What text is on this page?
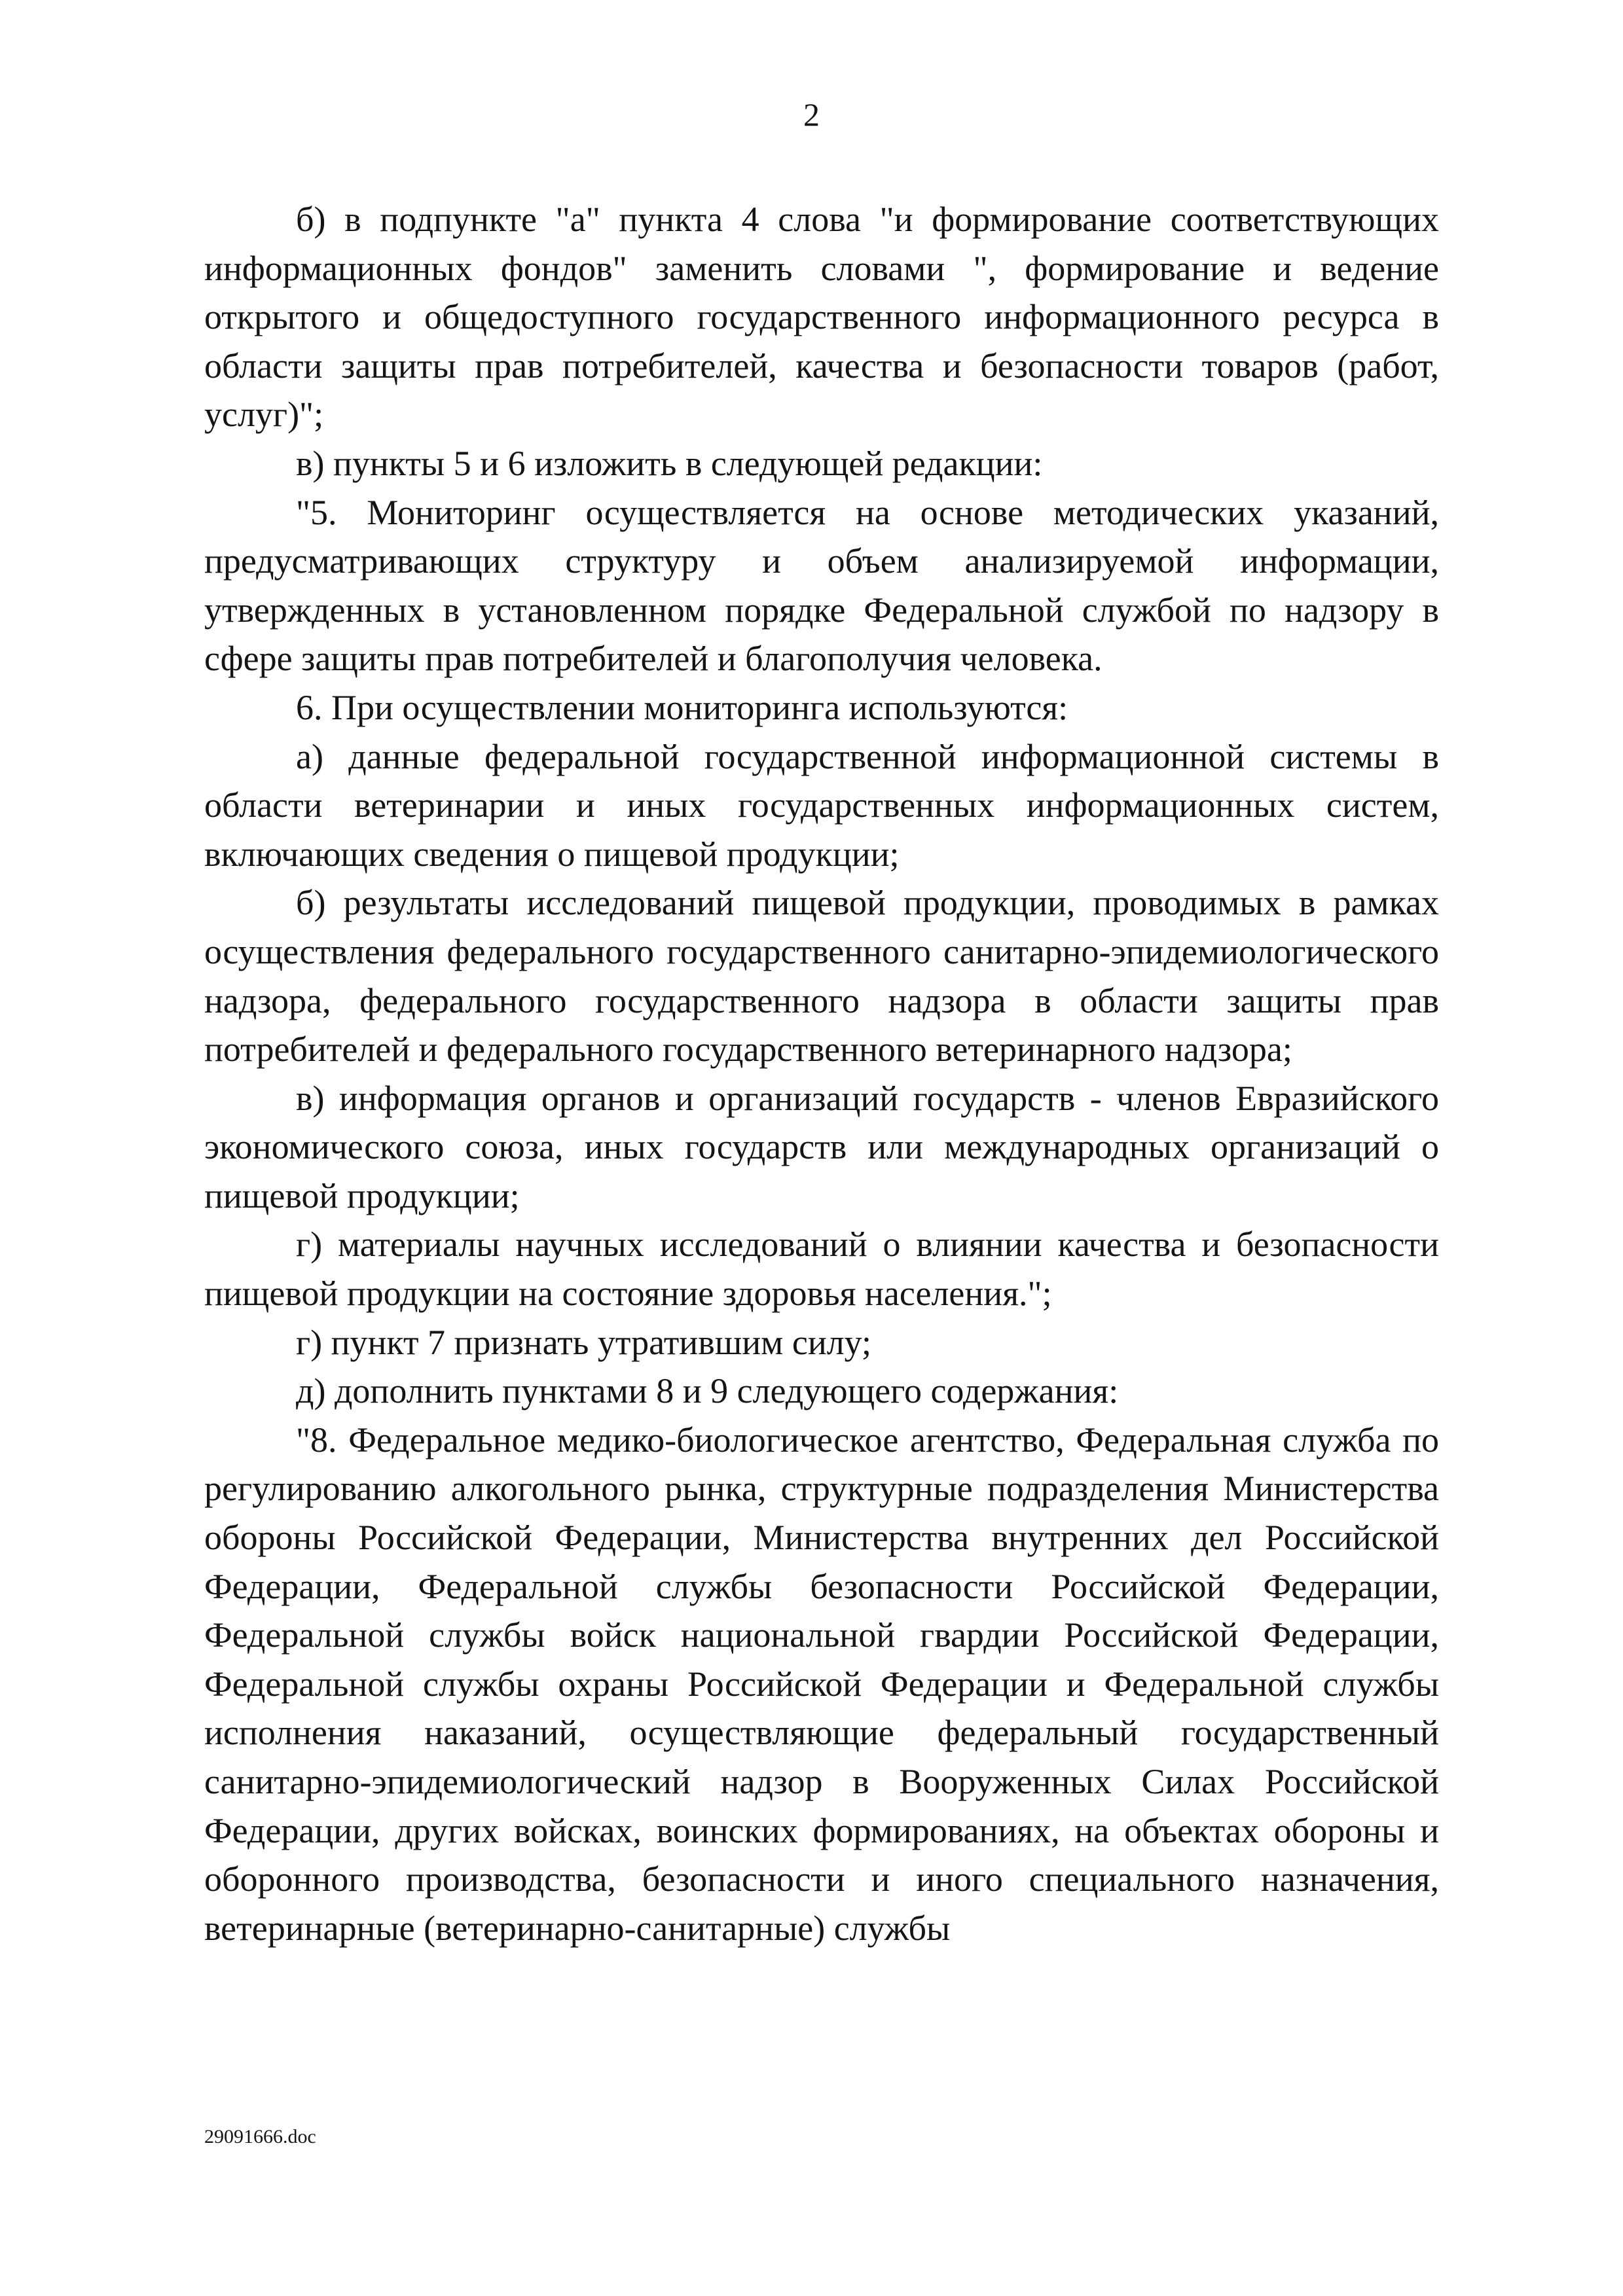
2

б) в подпункте "а" пункта 4 слова "и формирование соответствующих информационных фондов" заменить словами ", формирование и ведение открытого и общедоступного государственного информационного ресурса в области защиты прав потребителей, качества и безопасности товаров (работ, услуг)";

в) пункты 5 и 6 изложить в следующей редакции:

"5. Мониторинг осуществляется на основе методических указаний, предусматривающих структуру и объем анализируемой информации, утвержденных в установленном порядке Федеральной службой по надзору в сфере защиты прав потребителей и благополучия человека.

6. При осуществлении мониторинга используются:

а) данные федеральной государственной информационной системы в области ветеринарии и иных государственных информационных систем, включающих сведения о пищевой продукции;

б) результаты исследований пищевой продукции, проводимых в рамках осуществления федерального государственного санитарно-эпидемиологического надзора, федерального государственного надзора в области защиты прав потребителей и федерального государственного ветеринарного надзора;

в) информация органов и организаций государств - членов Евразийского экономического союза, иных государств или международных организаций о пищевой продукции;

г) материалы научных исследований о влиянии качества и безопасности пищевой продукции на состояние здоровья населения.";

г) пункт 7 признать утратившим силу;

д) дополнить пунктами 8 и 9 следующего содержания:

"8. Федеральное медико-биологическое агентство, Федеральная служба по регулированию алкогольного рынка, структурные подразделения Министерства обороны Российской Федерации, Министерства внутренних дел Российской Федерации, Федеральной службы безопасности Российской Федерации, Федеральной службы войск национальной гвардии Российской Федерации, Федеральной службы охраны Российской Федерации и Федеральной службы исполнения наказаний, осуществляющие федеральный государственный санитарно-эпидемиологический надзор в Вооруженных Силах Российской Федерации, других войсках, воинских формированиях, на объектах обороны и оборонного производства, безопасности и иного специального назначения, ветеринарные (ветеринарно-санитарные) службы

29091666.doc
